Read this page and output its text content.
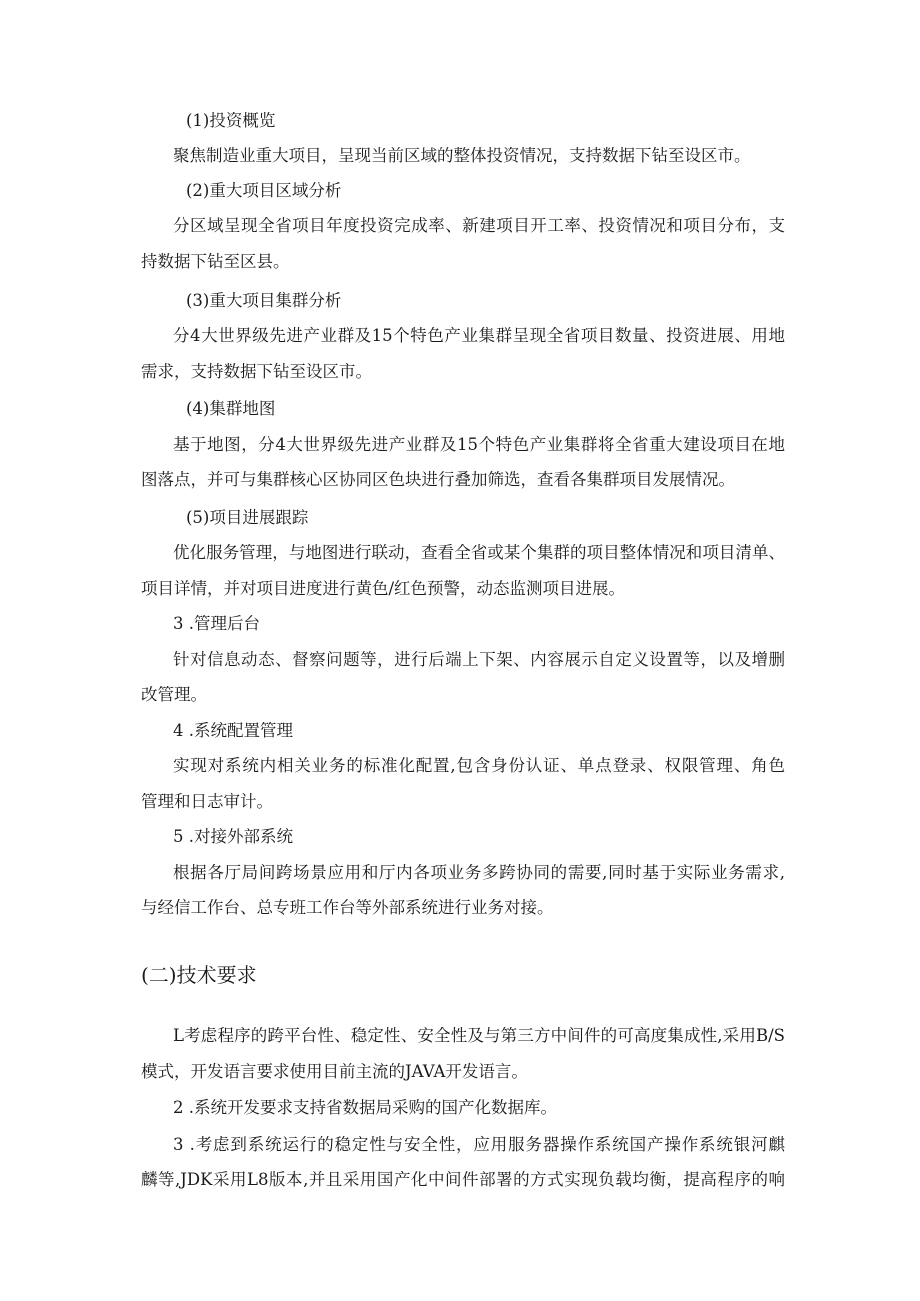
(1)投资概览
聚焦制造业重大项目，呈现当前区域的整体投资情况，支持数据下钻至设区市。
(2)重大项目区域分析
分区域呈现全省项目年度投资完成率、新建项目开工率、投资情况和项目分布，支
持数据下钻至区县。
(3)重大项目集群分析
分4大世界级先进产业群及15个特色产业集群呈现全省项目数量、投资进展、用地
需求，支持数据下钻至设区市。
(4)集群地图
基于地图，分4大世界级先进产业群及15个特色产业集群将全省重大建设项目在地
图落点，并可与集群核心区协同区色块进行叠加筛选，查看各集群项目发展情况。
(5)项目进展跟踪
优化服务管理，与地图进行联动，查看全省或某个集群的项目整体情况和项目清单、
项目详情，并对项目进度进行黄色/红色预警，动态监测项目进展。
3 .管理后台
针对信息动态、督察问题等，进行后端上下架、内容展示自定义设置等，以及增删
改管理。
4 .系统配置管理
实现对系统内相关业务的标准化配置,包含身份认证、单点登录、权限管理、角色
管理和日志审计。
5 .对接外部系统
根据各厅局间跨场景应用和厅内各项业务多跨协同的需要,同时基于实际业务需求,
与经信工作台、总专班工作台等外部系统进行业务对接。
(二)技术要求
L考虑程序的跨平台性、稳定性、安全性及与第三方中间件的可高度集成性,采用B/S
模式，开发语言要求使用目前主流的JAVA开发语言。
2 .系统开发要求支持省数据局采购的国产化数据库。
3 .考虑到系统运行的稳定性与安全性，应用服务器操作系统国产操作系统银河麒
麟等,JDK采用L8版本,并且采用国产化中间件部署的方式实现负载均衡，提高程序的响
